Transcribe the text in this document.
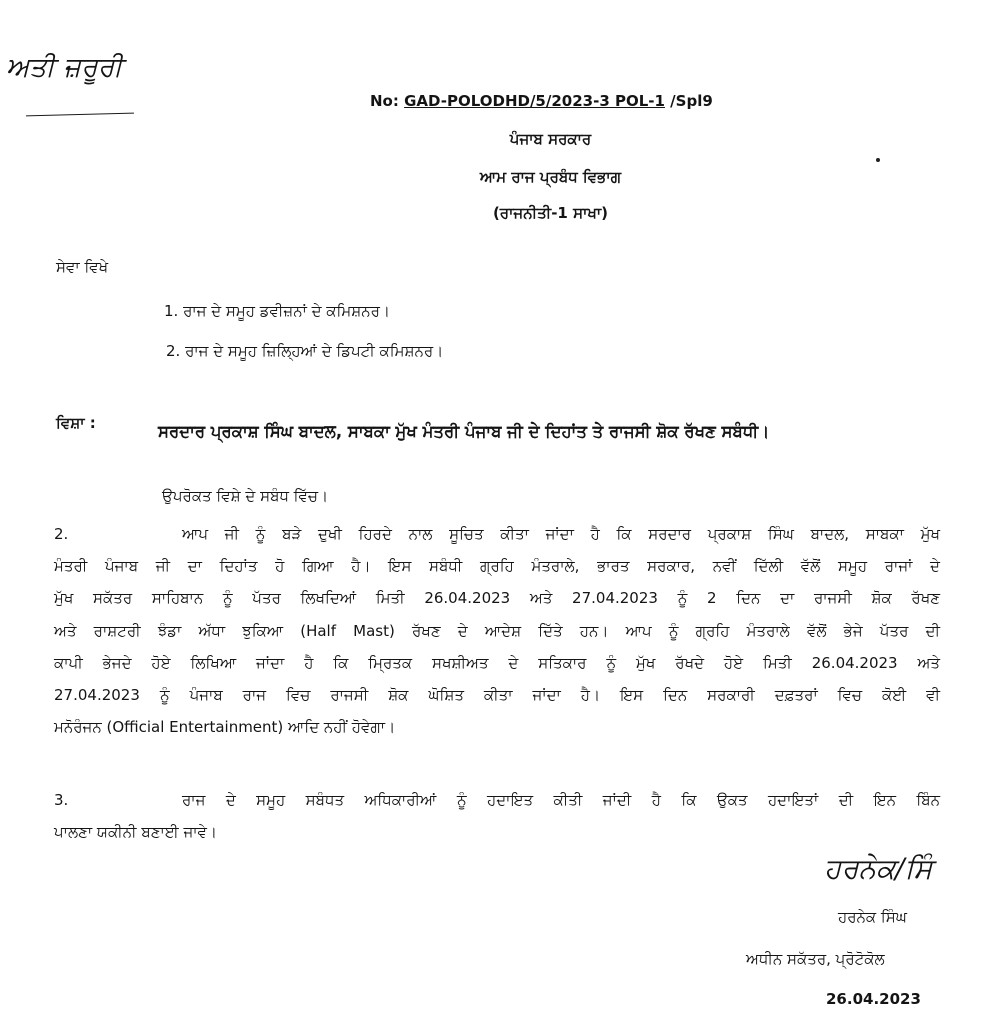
ਅਤੀ ਜ਼ਰੂਰੀ
No: GAD-POLODHD/5/2023-3 POL-1 /Spl9
ਪੰਜਾਬ ਸਰਕਾਰ
ਆਮ ਰਾਜ ਪ੍ਰਬੰਧ ਵਿਭਾਗ
(ਰਾਜਨੀਤੀ-1 ਸਾਖਾ)
ਸੇਵਾ ਵਿਖੇ
1. ਰਾਜ ਦੇ ਸਮੂਹ ਡਵੀਜ਼ਨਾਂ ਦੇ ਕਮਿਸ਼ਨਰ।
2. ਰਾਜ ਦੇ ਸਮੂਹ ਜ਼ਿਲ੍ਹਿਆਂ ਦੇ ਡਿਪਟੀ ਕਮਿਸ਼ਨਰ।
ਵਿਸ਼ਾ :	ਸਰਦਾਰ ਪ੍ਰਕਾਸ਼ ਸਿੰਘ ਬਾਦਲ, ਸਾਬਕਾ ਮੁੱਖ ਮੰਤਰੀ ਪੰਜਾਬ ਜੀ ਦੇ ਦਿਹਾਂਤ ਤੇ ਰਾਜਸੀ ਸ਼ੋਕ ਰੱਖਣ ਸਬੰਧੀ।
ਉਪਰੋਕਤ ਵਿਸ਼ੇ ਦੇ ਸਬੰਧ ਵਿੱਚ।
2.	ਆਪ ਜੀ ਨੂੰ ਬੜੇ ਦੁਖੀ ਹਿਰਦੇ ਨਾਲ ਸੂਚਿਤ ਕੀਤਾ ਜਾਂਦਾ ਹੈ ਕਿ ਸਰਦਾਰ ਪ੍ਰਕਾਸ਼ ਸਿੰਘ ਬਾਦਲ, ਸਾਬਕਾ ਮੁੱਖ
ਮੰਤਰੀ ਪੰਜਾਬ ਜੀ ਦਾ ਦਿਹਾਂਤ ਹੋ ਗਿਆ ਹੈ। ਇਸ ਸਬੰਧੀ ਗ੍ਰਹਿ ਮੰਤਰਾਲੇ, ਭਾਰਤ ਸਰਕਾਰ, ਨਵੀਂ ਦਿੱਲੀ ਵੱਲੋਂ ਸਮੂਹ ਰਾਜਾਂ ਦੇ
ਮੁੱਖ ਸਕੱਤਰ ਸਾਹਿਬਾਨ ਨੂੰ ਪੱਤਰ ਲਿਖਦਿਆਂ ਮਿਤੀ 26.04.2023 ਅਤੇ 27.04.2023 ਨੂੰ 2 ਦਿਨ ਦਾ ਰਾਜਸੀ ਸ਼ੋਕ ਰੱਖਣ
ਅਤੇ ਰਾਸ਼ਟਰੀ ਝੰਡਾ ਅੱਧਾ ਝੁਕਿਆ (Half Mast) ਰੱਖਣ ਦੇ ਆਦੇਸ਼ ਦਿੱਤੇ ਹਨ। ਆਪ ਨੂੰ ਗ੍ਰਹਿ ਮੰਤਰਾਲੇ ਵੱਲੋਂ ਭੇਜੇ ਪੱਤਰ ਦੀ
ਕਾਪੀ ਭੇਜਦੇ ਹੋਏ ਲਿਖਿਆ ਜਾਂਦਾ ਹੈ ਕਿ ਮ੍ਰਿਤਕ ਸਖਸ਼ੀਅਤ ਦੇ ਸਤਿਕਾਰ ਨੂੰ ਮੁੱਖ ਰੱਖਦੇ ਹੋਏ ਮਿਤੀ 26.04.2023 ਅਤੇ
27.04.2023 ਨੂੰ ਪੰਜਾਬ ਰਾਜ ਵਿਚ ਰਾਜਸੀ ਸ਼ੋਕ ਘੋਸ਼ਿਤ ਕੀਤਾ ਜਾਂਦਾ ਹੈ। ਇਸ ਦਿਨ ਸਰਕਾਰੀ ਦਫ਼ਤਰਾਂ ਵਿਚ ਕੋਈ ਵੀ
ਮਨੋਰੰਜਨ (Official Entertainment) ਆਦਿ ਨਹੀਂ ਹੋਵੇਗਾ।
3.	ਰਾਜ ਦੇ ਸਮੂਹ ਸਬੰਧਤ ਅਧਿਕਾਰੀਆਂ ਨੂੰ ਹਦਾਇਤ ਕੀਤੀ ਜਾਂਦੀ ਹੈ ਕਿ ਉਕਤ ਹਦਾਇਤਾਂ ਦੀ ਇਨ ਬਿੰਨ
ਪਾਲਣਾ ਯਕੀਨੀ ਬਣਾਈ ਜਾਵੇ।
ਹਰਨੇਕ/ਸਿੰ
ਹਰਨੇਕ ਸਿੰਘ
ਅਧੀਨ ਸਕੱਤਰ, ਪ੍ਰੋਟੋਕੋਲ
26.04.2023
